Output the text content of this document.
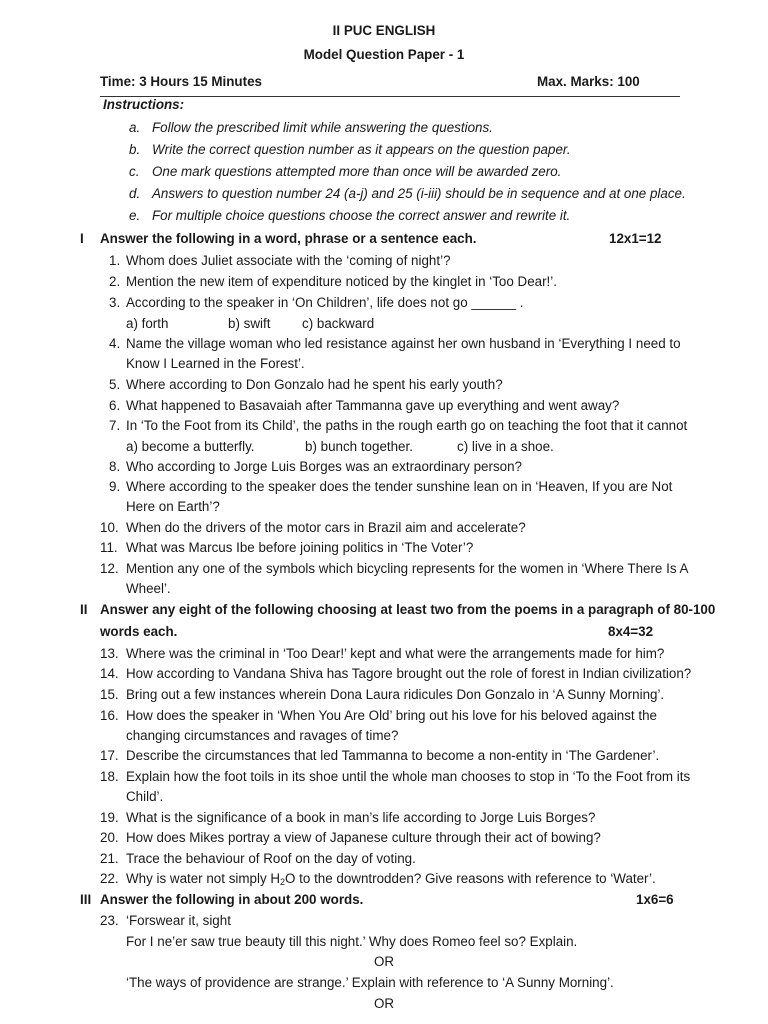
II PUC ENGLISH
Model Question Paper - 1
Time: 3 Hours 15 Minutes	Max. Marks: 100
Instructions:
a. Follow the prescribed limit while answering the questions.
b. Write the correct question number as it appears on the question paper.
c. One mark questions attempted more than once will be awarded zero.
d. Answers to question number 24 (a-j) and 25 (i-iii) should be in sequence and at one place.
e. For multiple choice questions choose the correct answer and rewrite it.
I Answer the following in a word, phrase or a sentence each.	12x1=12
1. Whom does Juliet associate with the ‘coming of night’?
2. Mention the new item of expenditure noticed by the kinglet in ‘Too Dear!’.
3. According to the speaker in ‘On Children’, life does not go ______ .
a) forth	b) swift c) backward
4. Name the village woman who led resistance against her own husband in ‘Everything I need to
Know I Learned in the Forest’.
5. Where according to Don Gonzalo had he spent his early youth?
6. What happened to Basavaiah after Tammanna gave up everything and went away?
7. In ‘To the Foot from its Child’, the paths in the rough earth go on teaching the foot that it cannot
a) become a butterfly.	b) bunch together.	c) live in a shoe.
8. Who according to Jorge Luis Borges was an extraordinary person?
9. Where according to the speaker does the tender sunshine lean on in ‘Heaven, If you are Not
Here on Earth’?
10. When do the drivers of the motor cars in Brazil aim and accelerate?
11. What was Marcus Ibe before joining politics in ‘The Voter’?
12. Mention any one of the symbols which bicycling represents for the women in ‘Where There Is A
Wheel’.
II Answer any eight of the following choosing at least two from the poems in a paragraph of 80-100
words each.	8x4=32
13. Where was the criminal in ‘Too Dear!’ kept and what were the arrangements made for him?
14. How according to Vandana Shiva has Tagore brought out the role of forest in Indian civilization?
15. Bring out a few instances wherein Dona Laura ridicules Don Gonzalo in ‘A Sunny Morning’.
16. How does the speaker in ‘When You Are Old’ bring out his love for his beloved against the
changing circumstances and ravages of time?
17. Describe the circumstances that led Tammanna to become a non-entity in ‘The Gardener’.
18. Explain how the foot toils in its shoe until the whole man chooses to stop in ‘To the Foot from its
Child’.
19. What is the significance of a book in man’s life according to Jorge Luis Borges?
20. How does Mikes portray a view of Japanese culture through their act of bowing?
21. Trace the behaviour of Roof on the day of voting.
22. Why is water not simply $H_2O$ to the downtrodden? Give reasons with reference to ‘Water’.
III Answer the following in about 200 words.	1x6=6
23. ‘Forswear it, sight
For I ne’er saw true beauty till this night.’ Why does Romeo feel so? Explain.
OR
‘The ways of providence are strange.’ Explain with reference to ‘A Sunny Morning’.
OR
